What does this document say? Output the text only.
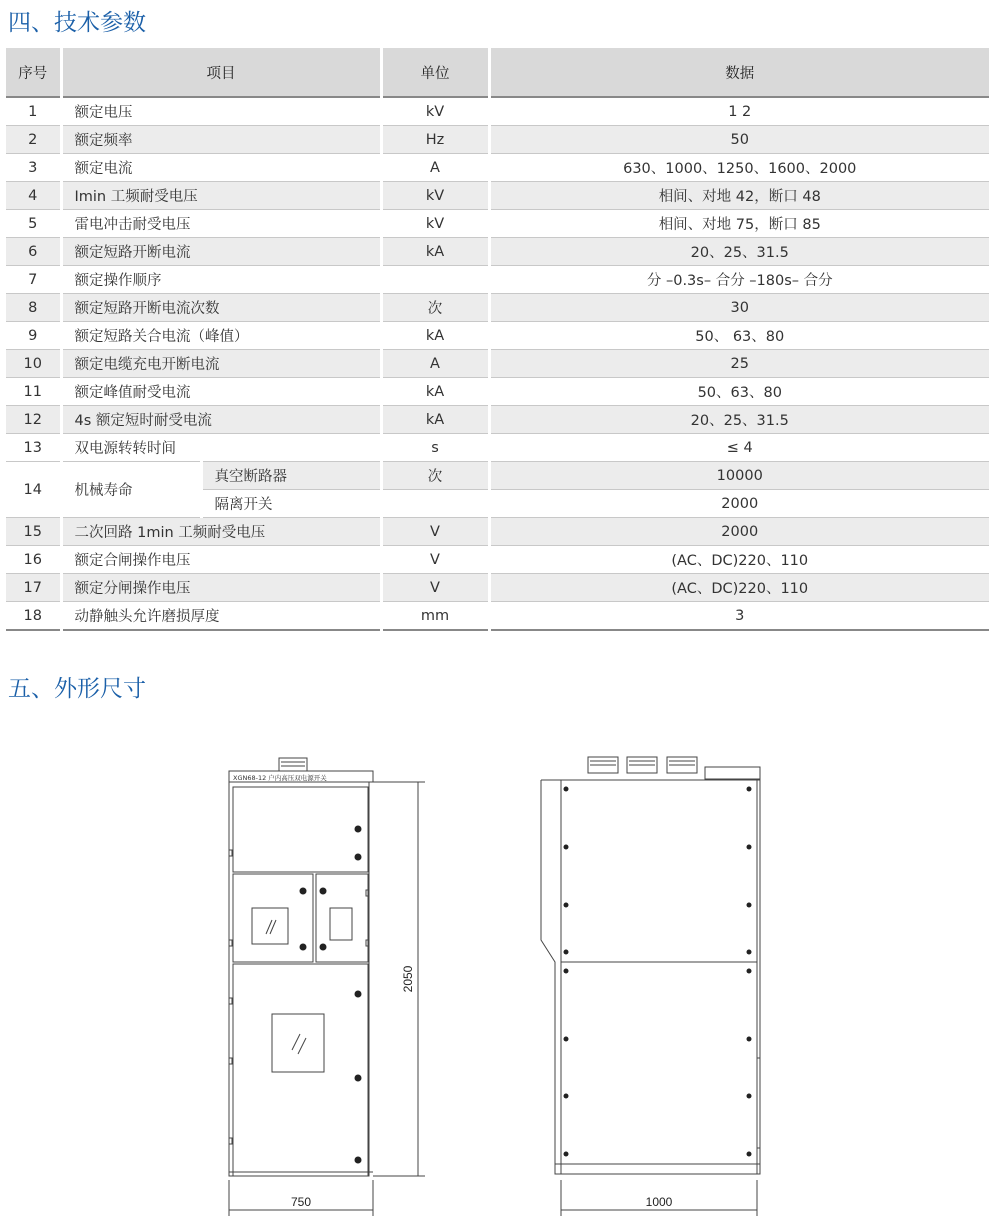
四、技术参数
序号	项目		单位	数据
1	额定电压		kV	1 2
2	额定频率		Hz	50
3	额定电流		A	630、1000、1250、1600、2000
4	Imin 工频耐受电压		kV	相间、对地 42，断口 48
5	雷电冲击耐受电压		kV	相间、对地 75，断口 85
6	额定短路开断电流		kA	20、25、31.5
7	额定操作顺序			分 –0.3s– 合分 –180s– 合分
8	额定短路开断电流次数		次	30
9	额定短路关合电流（峰值）		kA	50、 63、80
10	额定电缆充电开断电流		A	25
11	额定峰值耐受电流		kA	50、63、80
12	4s 额定短时耐受电流		kA	20、25、31.5
13	双电源转转时间		s	≤ 4
14	机械寿命	真空断路器	次	10000
		隔离开关		2000
15	二次回路 1min 工频耐受电压		V	2000
16	额定合闸操作电压		V	(AC、DC)220、110
17	额定分闸操作电压		V	(AC、DC)220、110
18	动静触头允许磨损厚度		mm	3
五、外形尺寸
XGN68-12 户内高压双电源开关
2050
750	1000
